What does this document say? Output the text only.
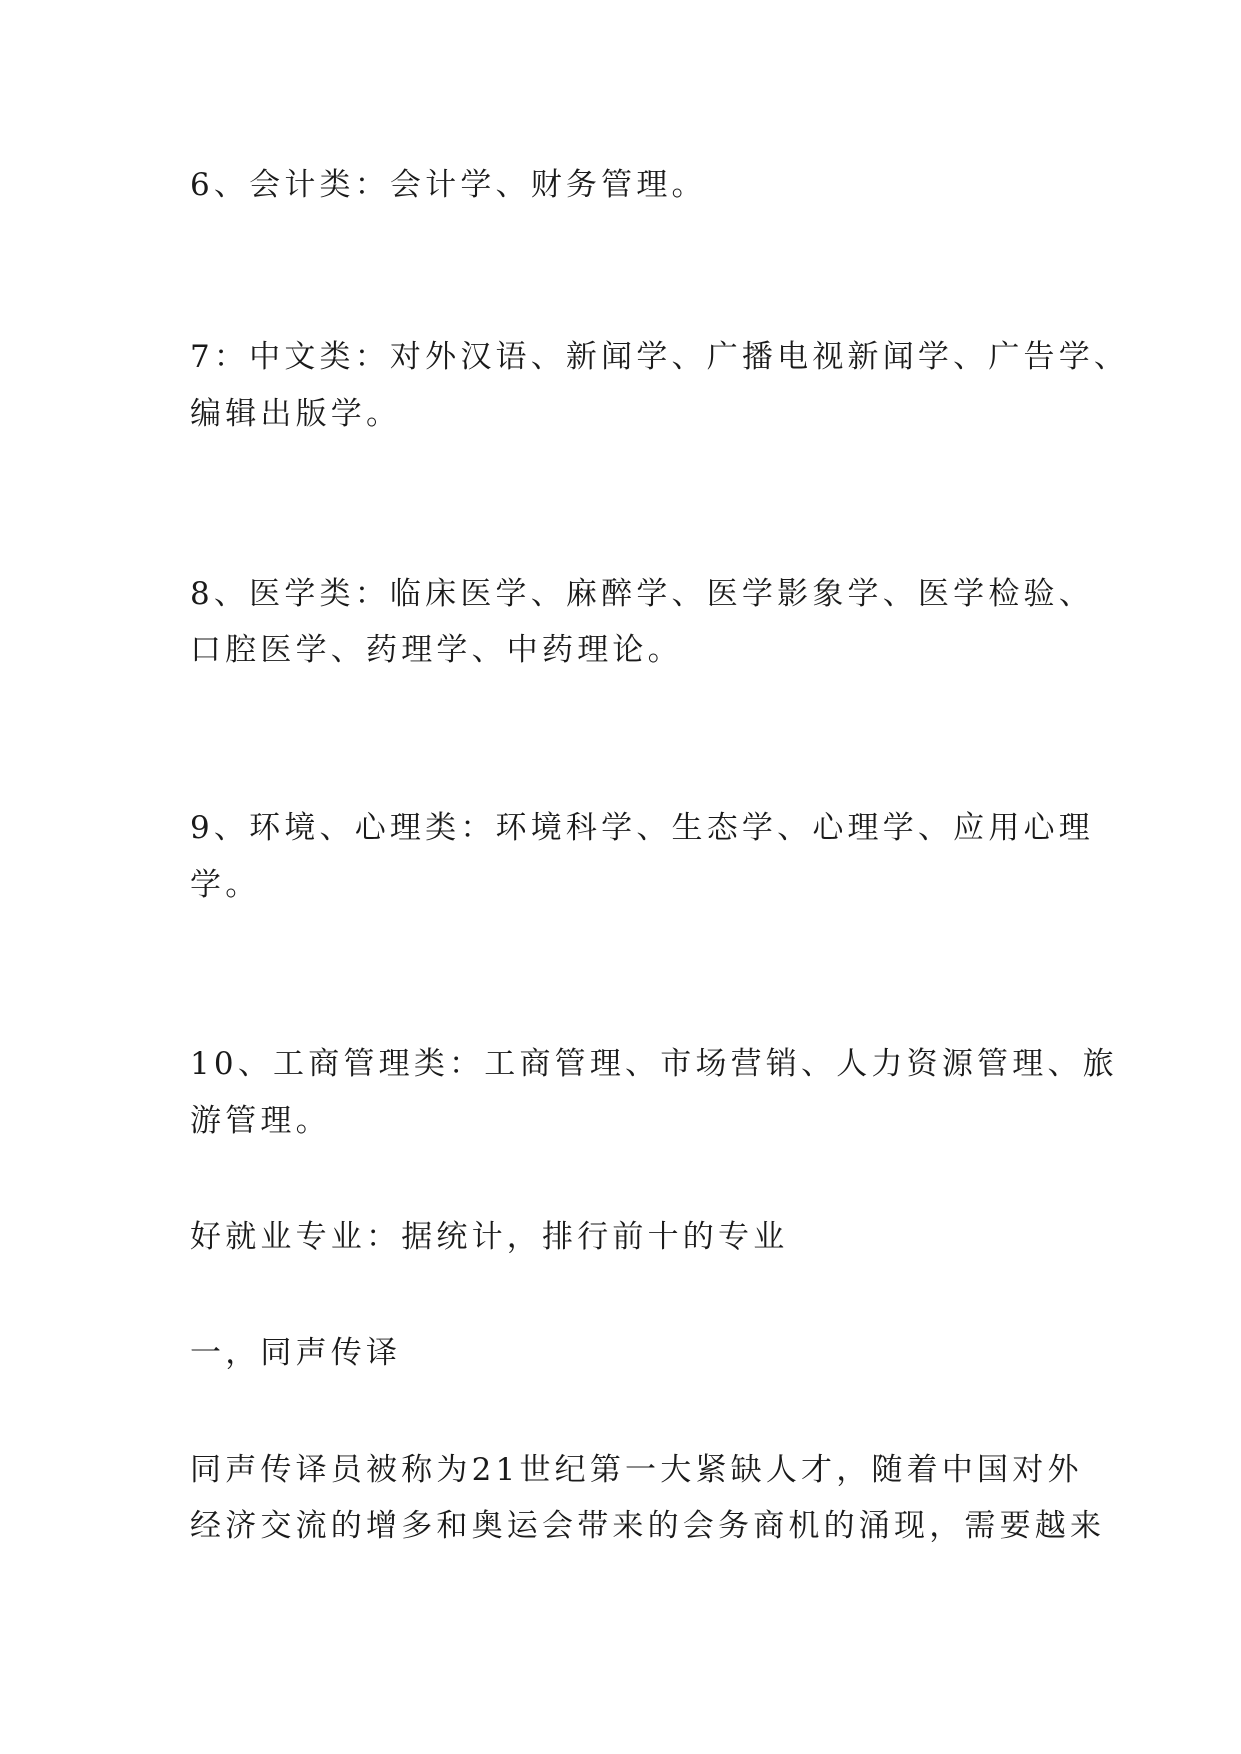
6、会计类：会计学、财务管理。
7：中文类：对外汉语、新闻学、广播电视新闻学、广告学、
编辑出版学。
8、医学类：临床医学、麻醉学、医学影象学、医学检验、
口腔医学、药理学、中药理论。
9、环境、心理类：环境科学、生态学、心理学、应用心理
学。
10、工商管理类：工商管理、市场营销、人力资源管理、旅
游管理。
好就业专业：据统计，排行前十的专业
一，同声传译
同声传译员被称为21世纪第一大紧缺人才，随着中国对外
经济交流的增多和奥运会带来的会务商机的涌现，需要越来
